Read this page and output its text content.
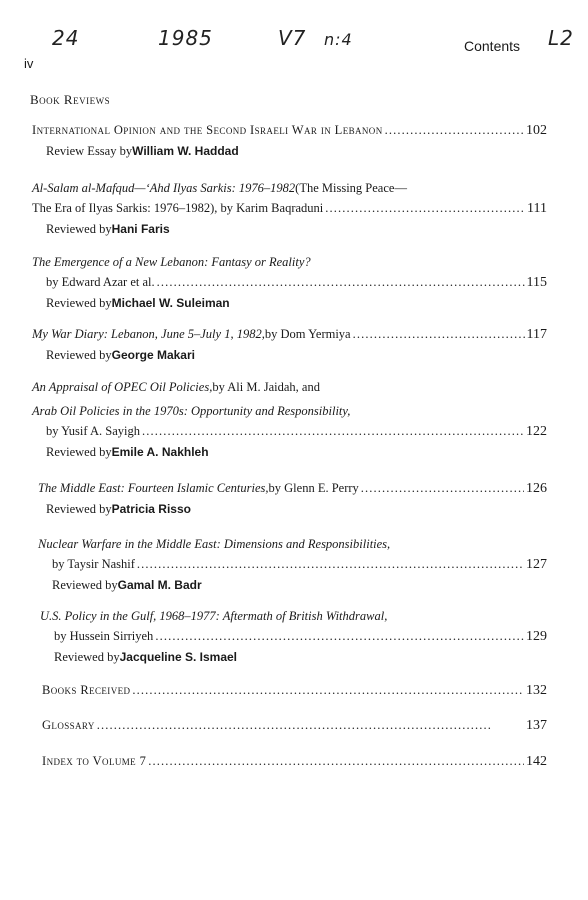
24	1985	V7 n:4	L2
iv
Contents
Book Reviews
International Opinion and the Second Israeli War in Lebanon . . .	102
Review Essay by William W. Haddad
Al-Salam al-Mafqud—‘Ahd Ilyas Sarkis: 1976–1982 (The Missing Peace—
The Era of Ilyas Sarkis: 1976–1982), by Karim Baqraduni . . .	111
Reviewed by Hani Faris
The Emergence of a New Lebanon: Fantasy or Reality?
by Edward Azar et al. . . .	115
Reviewed by Michael W. Suleiman
My War Diary: Lebanon, June 5–July 1, 1982, by Dom Yermiya . . .	117
Reviewed by George Makari
An Appraisal of OPEC Oil Policies, by Ali M. Jaidah, and
Arab Oil Policies in the 1970s: Opportunity and Responsibility,
by Yusif A. Sayigh . . .	122
Reviewed by Emile A. Nakhleh
The Middle East: Fourteen Islamic Centuries, by Glenn E. Perry . . .	126
Reviewed by Patricia Risso
Nuclear Warfare in the Middle East: Dimensions and Responsibilities,
by Taysir Nashif . . .	127
Reviewed by Gamal M. Badr
U.S. Policy in the Gulf, 1968–1977: Aftermath of British Withdrawal,
by Hussein Sirriyeh . . .	129
Reviewed by Jacqueline S. Ismael
Books Received . . .	132
Glossary . . .	137
Index to Volume 7 . . .	142
